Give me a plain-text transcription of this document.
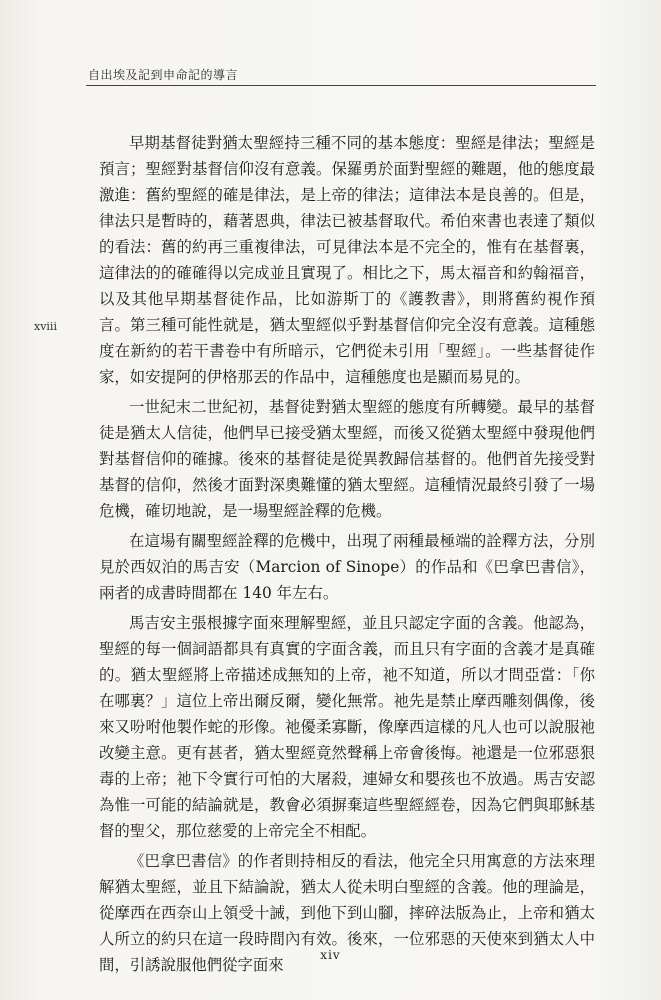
自出埃及記到申命記的導言
xviii

早期基督徒對猶太聖經持三種不同的基本態度：聖經是律法；聖經是預言；聖經對基督信仰沒有意義。保羅勇於面對聖經的難題，他的態度最激進：舊約聖經的確是律法，是上帝的律法；這律法本是良善的。但是，律法只是暫時的，藉著恩典，律法已被基督取代。希伯來書也表達了類似的看法：舊的約再三重複律法，可見律法本是不完全的，惟有在基督裏，這律法的的確確得以完成並且實現了。相比之下，馬太福音和約翰福音，以及其他早期基督徒作品，比如游斯丁的《護教書》，則將舊約視作預言。第三種可能性就是，猶太聖經似乎對基督信仰完全沒有意義。這種態度在新約的若干書卷中有所暗示，它們從未引用「聖經」。一些基督徒作家，如安提阿的伊格那丟的作品中，這種態度也是顯而易見的。

一世紀末二世紀初，基督徒對猶太聖經的態度有所轉變。最早的基督徒是猶太人信徒，他們早已接受猶太聖經，而後又從猶太聖經中發現他們對基督信仰的確據。後來的基督徒是從異教歸信基督的。他們首先接受對基督的信仰，然後才面對深奧難懂的猶太聖經。這種情況最終引發了一場危機，確切地說，是一場聖經詮釋的危機。

在這場有關聖經詮釋的危機中，出現了兩種最極端的詮釋方法，分別見於西奴泊的馬吉安（Marcion of Sinope）的作品和《巴拿巴書信》，兩者的成書時間都在 140 年左右。

馬吉安主張根據字面來理解聖經，並且只認定字面的含義。他認為，聖經的每一個詞語都具有真實的字面含義，而且只有字面的含義才是真確的。猶太聖經將上帝描述成無知的上帝，祂不知道，所以才問亞當：「你在哪裏？」這位上帝出爾反爾，變化無常。祂先是禁止摩西雕刻偶像，後來又吩咐他製作蛇的形像。祂優柔寡斷，像摩西這樣的凡人也可以說服祂改變主意。更有甚者，猶太聖經竟然聲稱上帝會後悔。祂還是一位邪惡狠毒的上帝；祂下令實行可怕的大屠殺，連婦女和嬰孩也不放過。馬吉安認為惟一可能的結論就是，教會必須摒棄這些聖經經卷，因為它們與耶穌基督的聖父，那位慈愛的上帝完全不相配。

《巴拿巴書信》的作者則持相反的看法，他完全只用寓意的方法來理解猶太聖經，並且下結論說，猶太人從未明白聖經的含義。他的理論是，從摩西在西奈山上領受十誡，到他下到山腳，摔碎法版為止，上帝和猶太人所立的約只在這一段時間內有效。後來，一位邪惡的天使來到猶太人中間，引誘說服他們從字面來

xiv
